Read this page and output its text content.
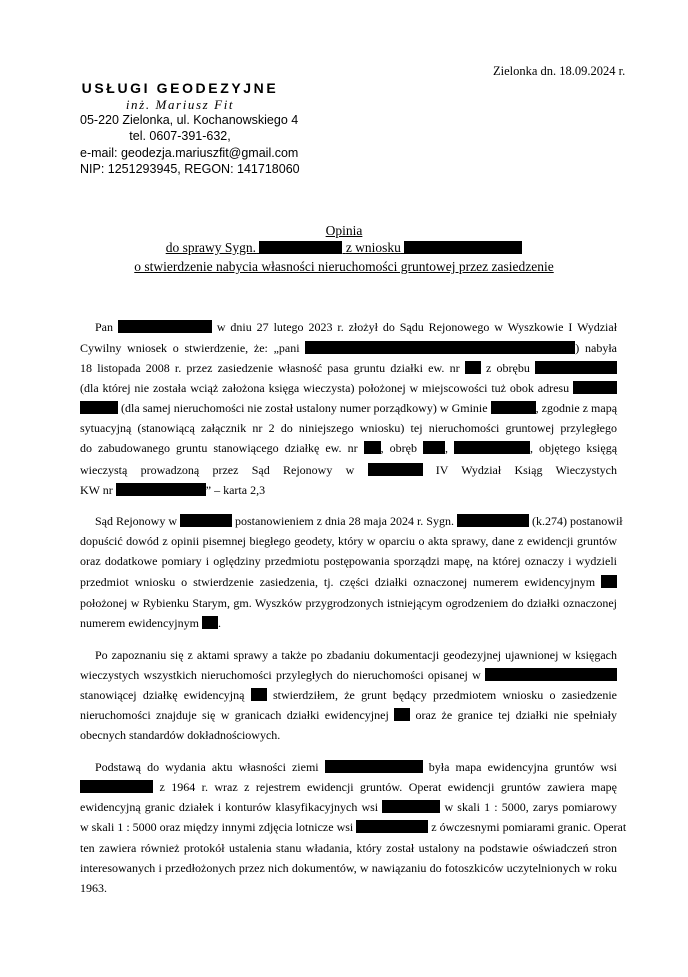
Zielonka dn. 18.09.2024 r.
USŁUGI GEODEZYJNE
inż. Mariusz Fit
05-220 Zielonka, ul. Kochanowskiego 4
tel. 0607-391-632,
e-mail: geodezja.mariuszfit@gmail.com
NIP: 1251293945, REGON: 141718060
Opinia
do sprawy Sygn.	z wniosku
o stwierdzenie nabycia własności nieruchomości gruntowej przez zasiedzenie
Pan	w dniu 27 lutego 2023 r. złożył do Sądu Rejonowego w Wyszkowie I Wydział
Cywilny wniosek o stwierdzenie, że: „pani	) nabyła
18 listopada 2008 r. przez zasiedzenie własność pasa gruntu działki ew. nr z obrębu
(dla której nie została wciąż założona księga wieczysta) położonej w miejscowości tuż obok adresu
(dla samej nieruchomości nie został ustalony numer porządkowy) w Gminie	, zgodnie z mapą
sytuacyjną (stanowiącą załącznik nr 2 do niniejszego wniosku) tej nieruchomości gruntowej przyległego
do zabudowanego gruntu stanowiącego działkę ew. nr , obręb ,	, objętego księgą
wieczystą prowadzoną przez Sąd Rejonowy w	IV Wydział Ksiąg Wieczystych
KW nr	” – karta 2,3
Sąd Rejonowy w	postanowieniem z dnia 28 maja 2024 r. Sygn.	(k.274) postanowił
dopuścić dowód z opinii pisemnej biegłego geodety, który w oparciu o akta sprawy, dane z ewidencji gruntów
oraz dodatkowe pomiary i oględziny przedmiotu postępowania sporządzi mapę, na której oznaczy i wydzieli
przedmiot wniosku o stwierdzenie zasiedzenia, tj. części działki oznaczonej numerem ewidencyjnym
położonej w Rybienku Starym, gm. Wyszków przygrodzonych istniejącym ogrodzeniem do działki oznaczonej
numerem ewidencyjnym .
Po zapoznaniu się z aktami sprawy a także po zbadaniu dokumentacji geodezyjnej ujawnionej w księgach
wieczystych wszystkich nieruchomości przyległych do nieruchomości opisanej w
stanowiącej działkę ewidencyjną stwierdziłem, że grunt będący przedmiotem wniosku o zasiedzenie
nieruchomości znajduje się w granicach działki ewidencyjnej oraz że granice tej działki nie spełniały
obecnych standardów dokładnościowych.
Podstawą do wydania aktu własności ziemi	była mapa ewidencyjna gruntów wsi
z 1964 r. wraz z rejestrem ewidencji gruntów. Operat ewidencji gruntów zawiera mapę
ewidencyjną granic działek i konturów klasyfikacyjnych wsi	w skali 1 : 5000, zarys pomiarowy
w skali 1 : 5000 oraz między innymi zdjęcia lotnicze wsi	z ówczesnymi pomiarami granic. Operat
ten zawiera również protokół ustalenia stanu władania, który został ustalony na podstawie oświadczeń stron
interesowanych i przedłożonych przez nich dokumentów, w nawiązaniu do fotoszkiców uczytelnionych w roku
1963.
